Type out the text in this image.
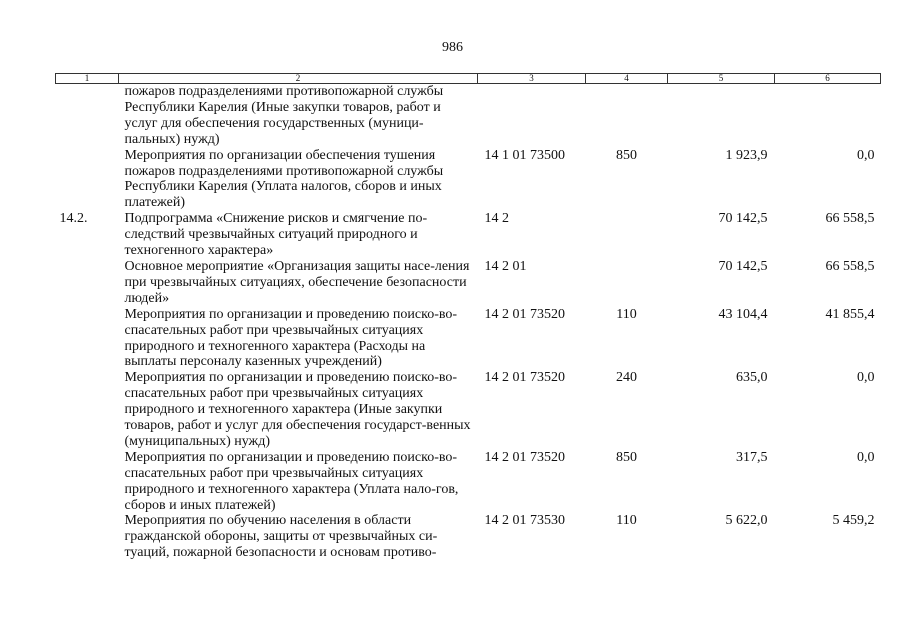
986
1	2	3	4	5	6
	пожаров подразделениями противопожарной службы Республики Карелия (Иные закупки товаров, работ и услуг для обеспечения государственных (муници-пальных) нужд)				
	Мероприятия по организации обеспечения тушения пожаров подразделениями противопожарной службы Республики Карелия (Уплата налогов, сборов и иных платежей)	14 1 01 73500	850	1 923,9	0,0
14.2.	Подпрограмма «Снижение рисков и смягчение по-следствий чрезвычайных ситуаций природного и техногенного характера»	14 2		70 142,5	66 558,5
	Основное мероприятие «Организация защиты насе-ления при чрезвычайных ситуациях, обеспечение безопасности людей»	14 2 01		70 142,5	66 558,5
	Мероприятия по организации и проведению поиско-во-спасательных работ при чрезвычайных ситуациях природного и техногенного характера (Расходы на выплаты персоналу казенных учреждений)	14 2 01 73520	110	43 104,4	41 855,4
	Мероприятия по организации и проведению поиско-во-спасательных работ при чрезвычайных ситуациях природного и техногенного характера (Иные закупки товаров, работ и услуг для обеспечения государст-венных (муниципальных) нужд)	14 2 01 73520	240	635,0	0,0
	Мероприятия по организации и проведению поиско-во-спасательных работ при чрезвычайных ситуациях природного и техногенного характера (Уплата нало-гов, сборов и иных платежей)	14 2 01 73520	850	317,5	0,0
	Мероприятия по обучению населения в области гражданской обороны, защиты от чрезвычайных си-туаций, пожарной безопасности и основам противо-	14 2 01 73530	110	5 622,0	5 459,2
